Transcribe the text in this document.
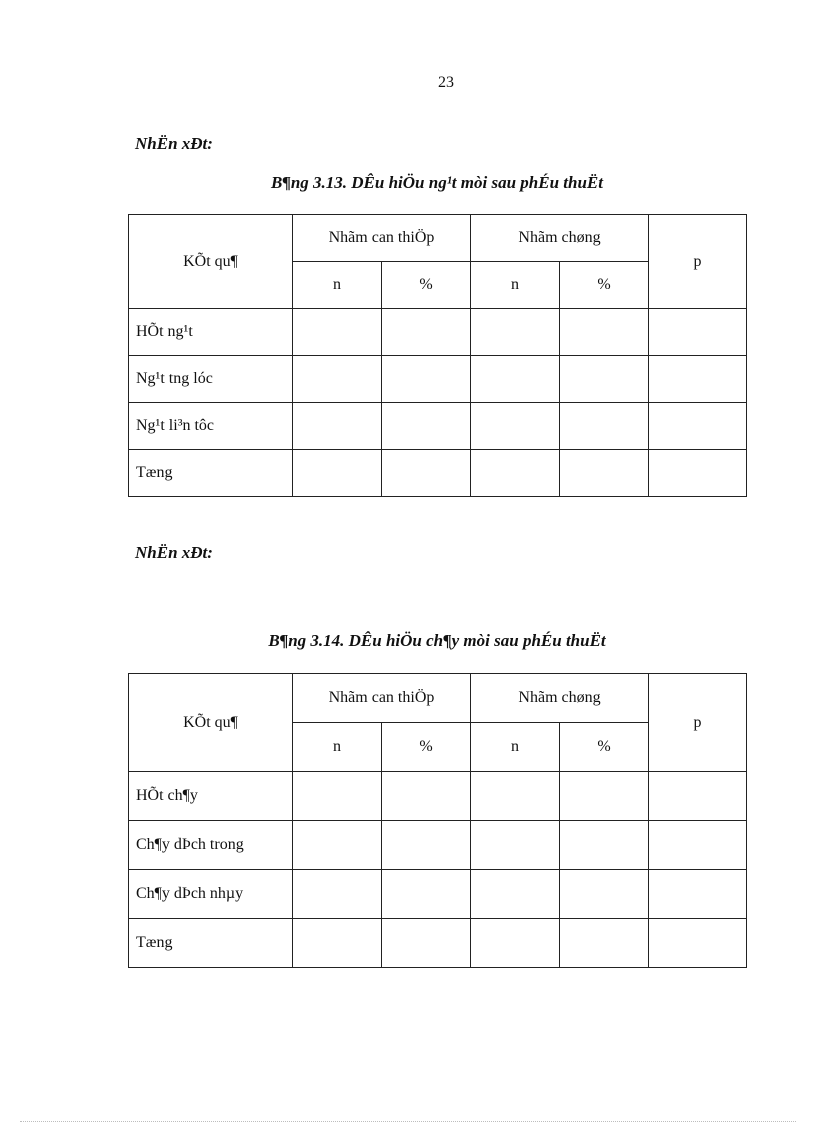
23
NhËn xÐt:
B¶ng 3.13. DÊu hiÖu ng¹t mòi sau phÉu thuËt
KÕt qu¶	Nhãm can thiÖp		Nhãm chøng		p
	n	%	n	%	
HÕt ng¹t					
Ng¹t tng lóc					
Ng¹t li³n tôc					
Tæng					
NhËn xÐt:
B¶ng 3.14. DÊu hiÖu ch¶y mòi sau phÉu thuËt
KÕt qu¶	Nhãm can thiÖp		Nhãm chøng		p
	n	%	n	%	
HÕt ch¶y					
Ch¶y dÞch trong					
Ch¶y dÞch nhµy					
Tæng					
